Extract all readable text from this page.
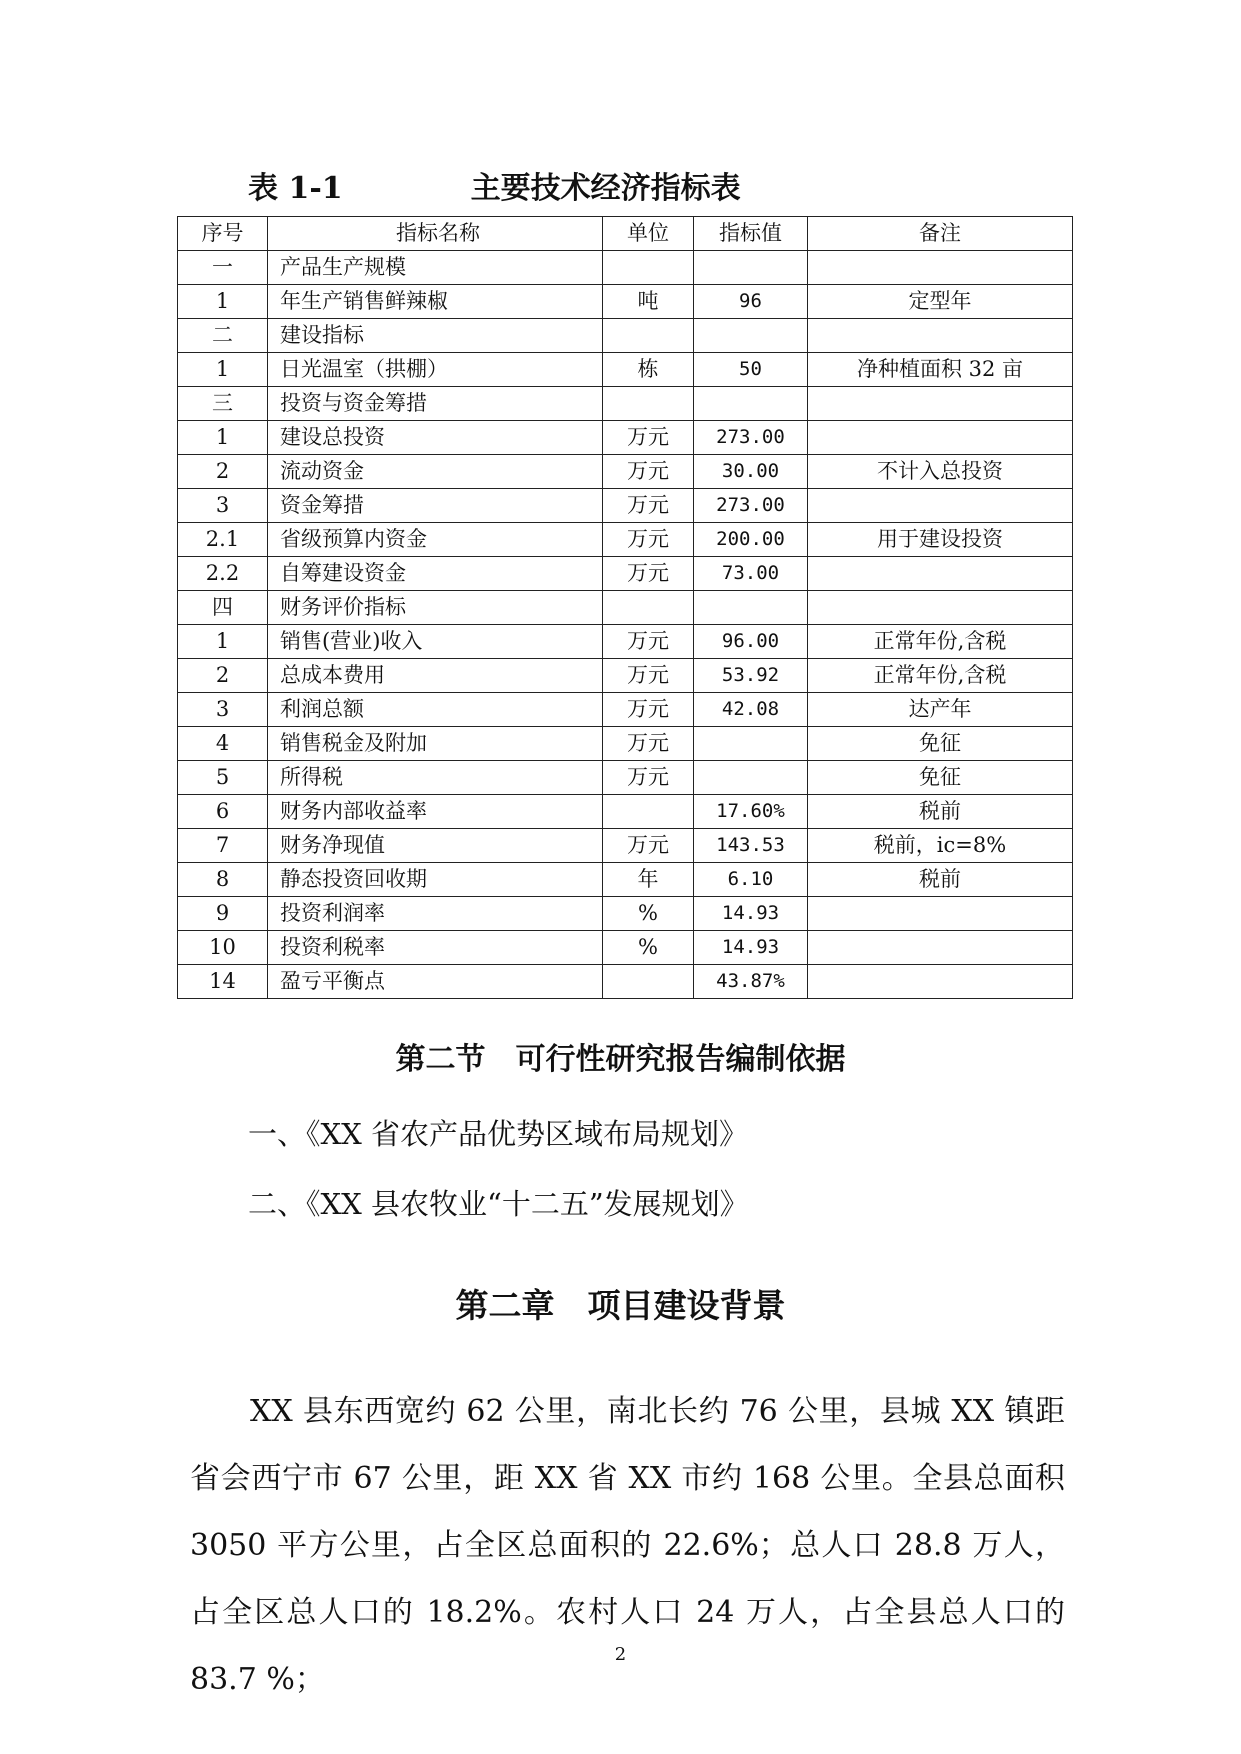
表 1-1	主要技术经济指标表
序号	指标名称	单位	指标值	备注
一	产品生产规模			
1	年生产销售鲜辣椒	吨	96	定型年
二	建设指标			
1	日光温室（拱棚）	栋	50	净种植面积 32 亩
三	投资与资金筹措			
1	建设总投资	万元	273.00	
2	流动资金	万元	30.00	不计入总投资
3	资金筹措	万元	273.00	
2.1	省级预算内资金	万元	200.00	用于建设投资
2.2	自筹建设资金	万元	73.00	
四	财务评价指标			
1	销售(营业)收入	万元	96.00	正常年份,含税
2	总成本费用	万元	53.92	正常年份,含税
3	利润总额	万元	42.08	达产年
4	销售税金及附加	万元		免征
5	所得税	万元		免征
6	财务内部收益率		17.60%	税前
7	财务净现值	万元	143.53	税前，ic=8%
8	静态投资回收期	年	6.10	税前
9	投资利润率	%	14.93	
10	投资利税率	%	14.93	
14	盈亏平衡点		43.87%	
第二节　可行性研究报告编制依据
一、《XX 省农产品优势区域布局规划》
二、《XX 县农牧业“十二五”发展规划》
第二章　项目建设背景

XX 县东西宽约 62 公里，南北长约 76 公里，县城 XX 镇距省会西宁市 67 公里，距 XX 省 XX 市约 168 公里。全县总面积 3050 平方公里，占全区总面积的 22.6%；总人口 28.8 万人，占全区总人口的 18.2%。农村人口 24 万人，占全县总人口的 83.7 %；

2
